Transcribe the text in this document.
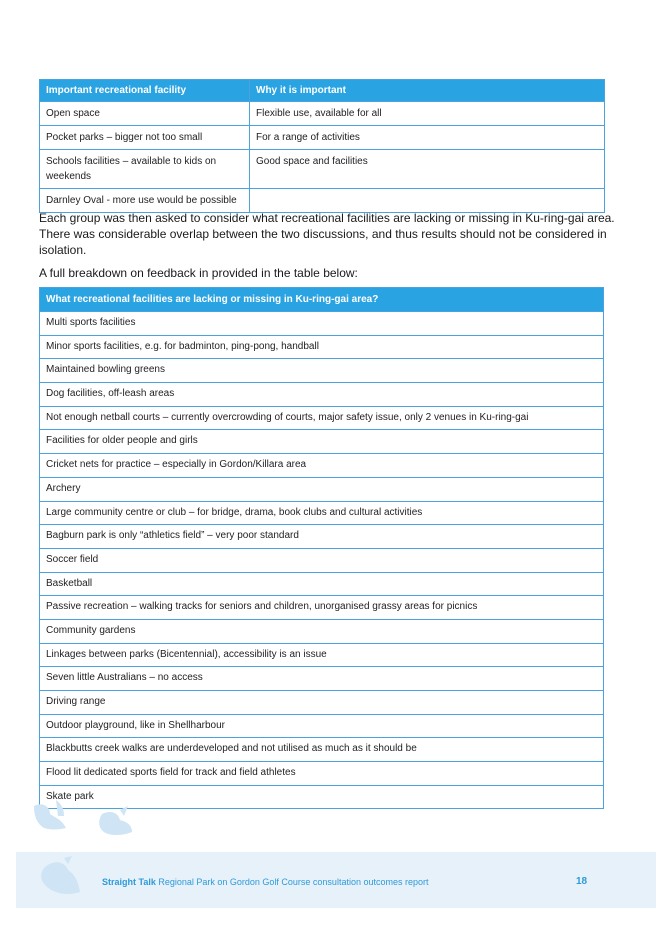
Important recreational facility	Why it is important
Open space	Flexible use, available for all
Pocket parks – bigger not too small	For a range of activities
Schools facilities – available to kids on weekends	Good space and facilities
Darnley Oval - more use would be possible	

Each group was then asked to consider what recreational facilities are lacking or missing in Ku-ring-gai area. There was considerable overlap between the two discussions, and thus results should not be considered in isolation.

A full breakdown on feedback in provided in the table below:

What recreational facilities are lacking or missing in Ku-ring-gai area?
Multi sports facilities
Minor sports facilities, e.g. for badminton, ping-pong, handball
Maintained bowling greens
Dog facilities, off-leash areas
Not enough netball courts – currently overcrowding of courts, major safety issue, only 2 venues in Ku-ring-gai
Facilities for older people and girls
Cricket nets for practice – especially in Gordon/Killara area
Archery
Large community centre or club – for bridge, drama, book clubs and cultural activities
Bagburn park is only “athletics field” – very poor standard
Soccer field
Basketball
Passive recreation – walking tracks for seniors and children, unorganised grassy areas for picnics
Community gardens
Linkages between parks (Bicentennial), accessibility is an issue
Seven little Australians – no access
Driving range
Outdoor playground, like in Shellharbour
Blackbutts creek walks are underdeveloped and not utilised as much as it should be
Flood lit dedicated sports field for track and field athletes
Skate park
Straight Talk Regional Park on Gordon Golf Course consultation outcomes report	18
